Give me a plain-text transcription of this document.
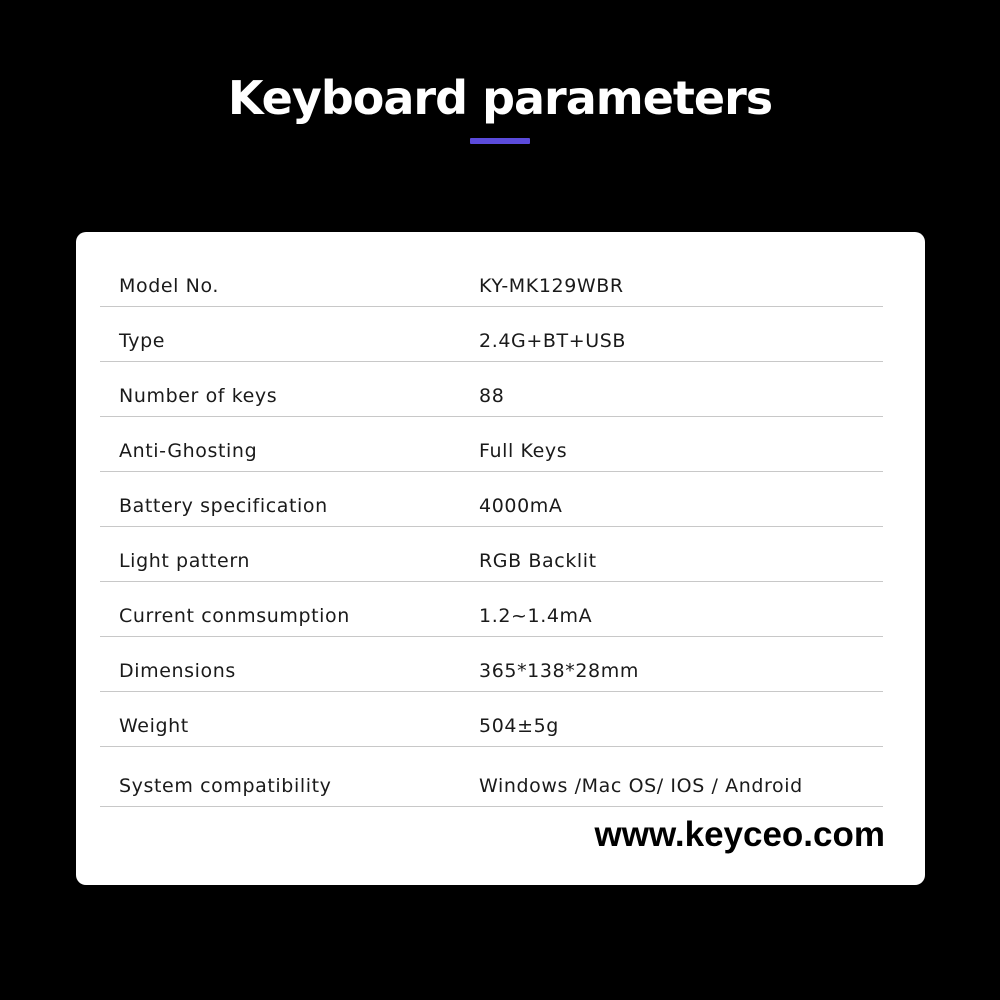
Keyboard parameters
Model No.	KY-MK129WBR
Type	2.4G+BT+USB
Number of keys	88
Anti-Ghosting	Full Keys
Battery specification	4000mA
Light pattern	RGB Backlit
Current conmsumption	1.2~1.4mA
Dimensions	365*138*28mm
Weight	504±5g
System compatibility	Windows /Mac OS/ IOS / Android
www.keyceo.com
